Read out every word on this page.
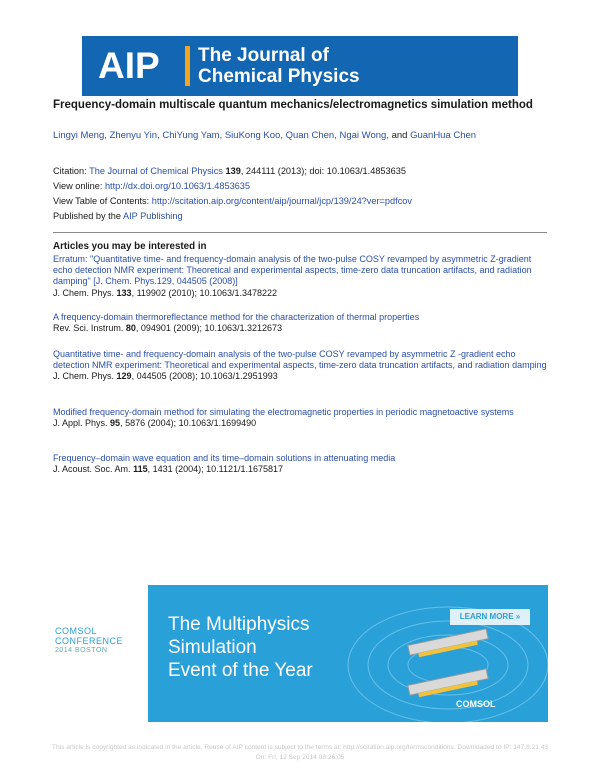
AIP The Journal of
Chemical Physics
Frequency-domain multiscale quantum mechanics/electromagnetics simulation method
Lingyi Meng, Zhenyu Yin, ChiYung Yam, SiuKong Koo, Quan Chen, Ngai Wong, and GuanHua Chen
Citation: The Journal of Chemical Physics 139, 244111 (2013); doi: 10.1063/1.4853635
View online: http://dx.doi.org/10.1063/1.4853635
View Table of Contents: http://scitation.aip.org/content/aip/journal/jcp/139/24?ver=pdfcov
Published by the AIP Publishing
Articles you may be interested in
Erratum: "Quantitative time- and frequency-domain analysis of the two-pulse COSY revamped by asymmetric Z-gradient echo detection NMR experiment: Theoretical and experimental aspects, time-zero data truncation artifacts, and radiation damping" [J. Chem. Phys.129, 044505 (2008)]
J. Chem. Phys. 133, 119902 (2010); 10.1063/1.3478222
A frequency-domain thermoreflectance method for the characterization of thermal properties
Rev. Sci. Instrum. 80, 094901 (2009); 10.1063/1.3212673
Quantitative time- and frequency-domain analysis of the two-pulse COSY revamped by asymmetric Z -gradient echo detection NMR experiment: Theoretical and experimental aspects, time-zero data truncation artifacts, and radiation damping
J. Chem. Phys. 129, 044505 (2008); 10.1063/1.2951993
Modified frequency-domain method for simulating the electromagnetic properties in periodic magnetoactive systems
J. Appl. Phys. 95, 5876 (2004); 10.1063/1.1699490
Frequency–domain wave equation and its time–domain solutions in attenuating media
J. Acoust. Soc. Am. 115, 1431 (2004); 10.1121/1.1675817
COMSOL
CONFERENCE
2014 BOSTON
The Multiphysics
Simulation
Event of the Year
LEARN MORE »
COMSOL
This article is copyrighted as indicated in the article. Reuse of AIP content is subject to the terms at: http://scitation.aip.org/termsconditions. Downloaded to IP: 147.8.21.43
On: Fri, 12 Sep 2014 08:26:05
